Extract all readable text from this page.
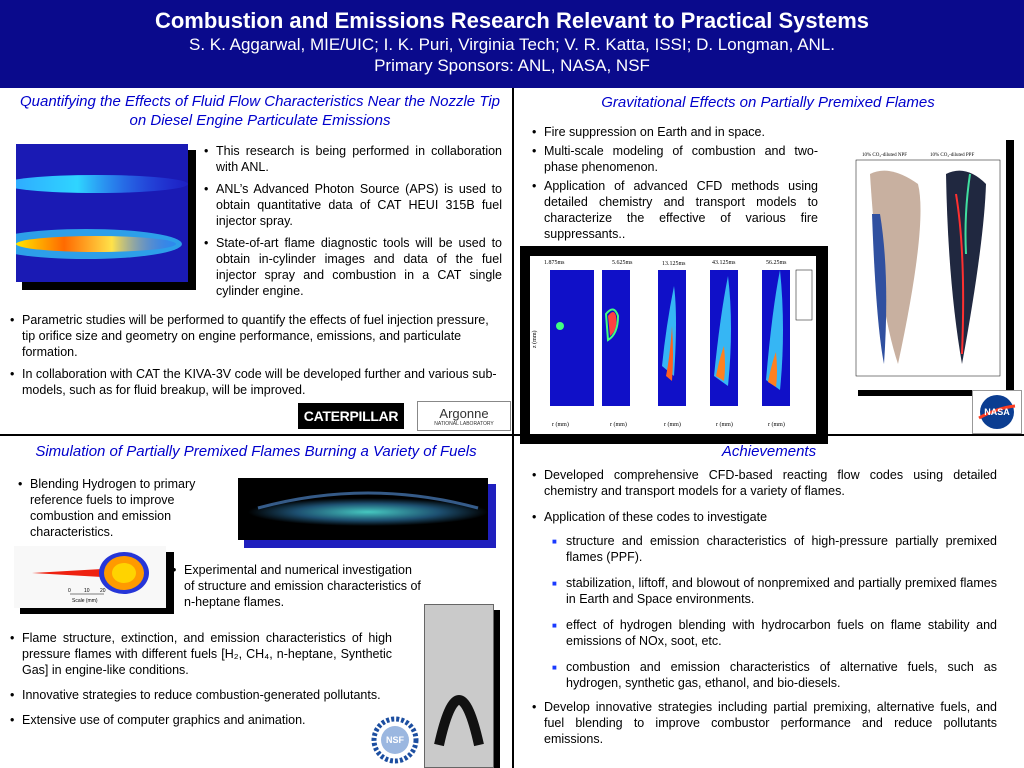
Combustion and Emissions Research Relevant to Practical Systems
S. K. Aggarwal, MIE/UIC; I. K. Puri, Virginia Tech; V. R. Katta, ISSI; D. Longman, ANL.
Primary Sponsors: ANL, NASA, NSF
Quantifying the Effects of Fluid Flow Characteristics Near the Nozzle Tip on Diesel Engine Particulate Emissions
• This research is being performed in collaboration with ANL.
• ANL’s Advanced Photon Source (APS) is used to obtain quantitative data of CAT HEUI 315B fuel injector spray.
• State-of-art flame diagnostic tools will be used to obtain in-cylinder images and data of the fuel injector spray and combustion in a CAT single cylinder engine.
• Parametric studies will be performed to quantify the effects of fuel injection pressure, tip orifice size and geometry on engine performance, emissions, and particulate formation.
• In collaboration with CAT the KIVA-3V code will be developed further and various sub-models, such as for fluid breakup, will be improved.
CATERPILLAR	Argonne
NATIONAL LABORATORY
Gravitational Effects on Partially Premixed Flames
• Fire suppression on Earth and in space.
• Multi-scale modeling of combustion and two-phase phenomenon.
• Application of advanced CFD methods using detailed chemistry and transport models to characterize the effective of various fire suppressants..
1.875ms	5.625ms	13.125ms	43.125ms	56.25ms
z (mm)
r (mm)	r (mm)	r (mm)	r (mm)	r (mm)
10% CO₂-diluted NPF	10% CO₂-diluted PPF
NASA
Simulation of Partially Premixed Flames Burning a Variety of Fuels
• Blending Hydrogen to primary reference fuels to improve combustion and emission characteristics.
0	10 20
Scale (mm)
• Experimental and numerical investigation of structure and emission characteristics of n-heptane flames.
• Flame structure, extinction, and emission characteristics of high pressure flames with different fuels [H₂, CH₄, n-heptane, Synthetic Gas] in engine-like conditions.
• Innovative strategies to reduce combustion-generated pollutants.
• Extensive use of computer graphics and animation.
NSF
Achievements
• Developed comprehensive CFD-based reacting flow codes using detailed chemistry and transport models for a variety of flames.
• Application of these codes to investigate
■ structure and emission characteristics of high-pressure partially premixed flames (PPF).
■ stabilization, liftoff, and blowout of nonpremixed and partially premixed flames in Earth and Space environments.
■ effect of hydrogen blending with hydrocarbon fuels on flame stability and emissions of NOx, soot, etc.
■ combustion and emission characteristics of alternative fuels, such as hydrogen, synthetic gas, ethanol, and bio-diesels.
• Develop innovative strategies including partial premixing, alternative fuels, and fuel blending to improve combustor performance and reduce pollutants emissions.
